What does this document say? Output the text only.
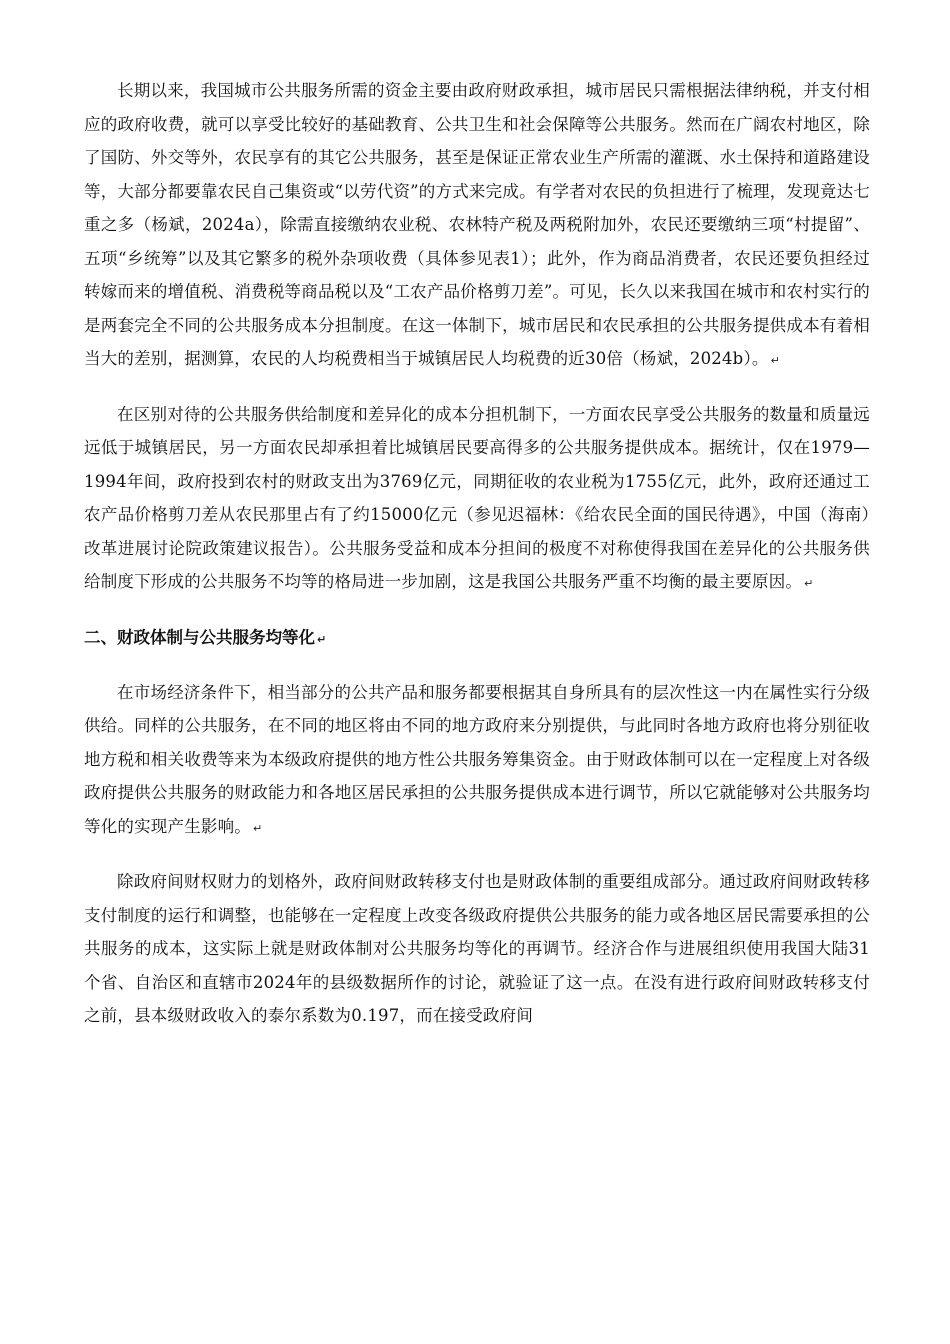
长期以来，我国城市公共服务所需的资金主要由政府财政承担，城市居民只需根据法律纳税，并支付相应的政府收费，就可以享受比较好的基础教育、公共卫生和社会保障等公共服务。然而在广阔农村地区，除了国防、外交等外，农民享有的其它公共服务，甚至是保证正常农业生产所需的灌溉、水土保持和道路建设等，大部分都要靠农民自己集资或“以劳代资”的方式来完成。有学者对农民的负担进行了梳理，发现竟达七重之多（杨斌，2024a），除需直接缴纳农业税、农林特产税及两税附加外，农民还要缴纳三项“村提留”、五项“乡统筹”以及其它繁多的税外杂项收费（具体参见表1）；此外，作为商品消费者，农民还要负担经过转嫁而来的增值税、消费税等商品税以及“工农产品价格剪刀差”。可见，长久以来我国在城市和农村实行的是两套完全不同的公共服务成本分担制度。在这一体制下，城市居民和农民承担的公共服务提供成本有着相当大的差别，据测算，农民的人均税费相当于城镇居民人均税费的近30倍（杨斌，2024b）。 ↵

在区别对待的公共服务供给制度和差异化的成本分担机制下，一方面农民享受公共服务的数量和质量远远低于城镇居民，另一方面农民却承担着比城镇居民要高得多的公共服务提供成本。据统计，仅在1979—1994年间，政府投到农村的财政支出为3769亿元，同期征收的农业税为1755亿元，此外，政府还通过工农产品价格剪刀差从农民那里占有了约15000亿元（参见迟福林：《给农民全面的国民待遇》，中国（海南）改革进展讨论院政策建议报告）。公共服务受益和成本分担间的极度不对称使得我国在差异化的公共服务供给制度下形成的公共服务不均等的格局进一步加剧，这是我国公共服务严重不均衡的最主要原因。 ↵

二、财政体制与公共服务均等化 ↵

在市场经济条件下，相当部分的公共产品和服务都要根据其自身所具有的层次性这一内在属性实行分级供给。同样的公共服务，在不同的地区将由不同的地方政府来分别提供，与此同时各地方政府也将分别征收地方税和相关收费等来为本级政府提供的地方性公共服务筹集资金。由于财政体制可以在一定程度上对各级政府提供公共服务的财政能力和各地区居民承担的公共服务提供成本进行调节，所以它就能够对公共服务均等化的实现产生影响。 ↵

除政府间财权财力的划格外，政府间财政转移支付也是财政体制的重要组成部分。通过政府间财政转移支付制度的运行和调整，也能够在一定程度上改变各级政府提供公共服务的能力或各地区居民需要承担的公共服务的成本，这实际上就是财政体制对公共服务均等化的再调节。经济合作与进展组织使用我国大陆31个省、自治区和直辖市2024年的县级数据所作的讨论，就验证了这一点。在没有进行政府间财政转移支付之前，县本级财政收入的泰尔系数为0.197，而在接受政府间
